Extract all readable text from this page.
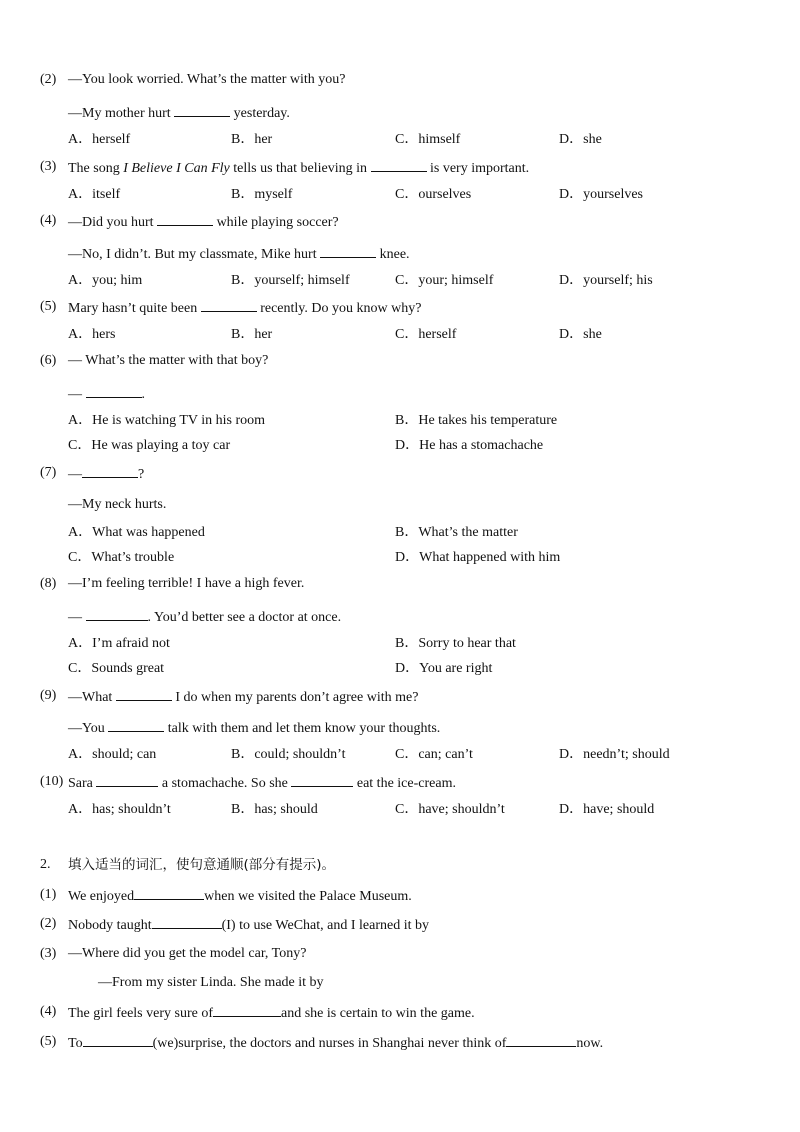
(2) —You look worried. What’s the matter with you?
—My mother hurt	yesterday.
A．herself	B．her	C．himself	D．she
(3) The song I Believe I Can Fly tells us that believing in	is very important.
A．itself	B．myself	C．ourselves	D．yourselves
(4) —Did you hurt	while playing soccer?
—No, I didn’t. But my classmate, Mike hurt	knee.
A．you; him	B．yourself; himself	C．your; himself	D．yourself; his
(5) Mary hasn’t quite been	recently. Do you know why?
A．hers	B．her	C．herself	D．she
(6) — What’s the matter with that boy?
—	.
A．He is watching TV in his room	B．He takes his temperature
C．He was playing a toy car	D．He has a stomachache
(7) —	?
—My neck hurts.
A．What was happened	B．What’s the matter
C．What’s trouble	D．What happened with him
(8) —I’m feeling terrible! I have a high fever.
—	. You’d better see a doctor at once.
A．I’m afraid not	B．Sorry to hear that
C．Sounds great	D．You are right
(9) —What	I do when my parents don’t agree with me?
—You	talk with them and let them know your thoughts.
A．should; can	B．could; shouldn’t	C．can; can’t	D．needn’t; should
(10) Sara	a stomachache. So she	eat the ice-cream.
A．has; shouldn’t	B．has; should	C．have; shouldn’t	D．have; should
2. 填入适当的词汇，使句意通顺(部分有提示)。
(1) We enjoyed	when we visited the Palace Museum.
(2) Nobody taught	(I) to use WeChat, and I learned it by
(3) —Where did you get the model car, Tony?
—From my sister Linda. She made it by
(4) The girl feels very sure of	and she is certain to win the game.
(5) To	(we)surprise, the doctors and nurses in Shanghai never think of	now.
